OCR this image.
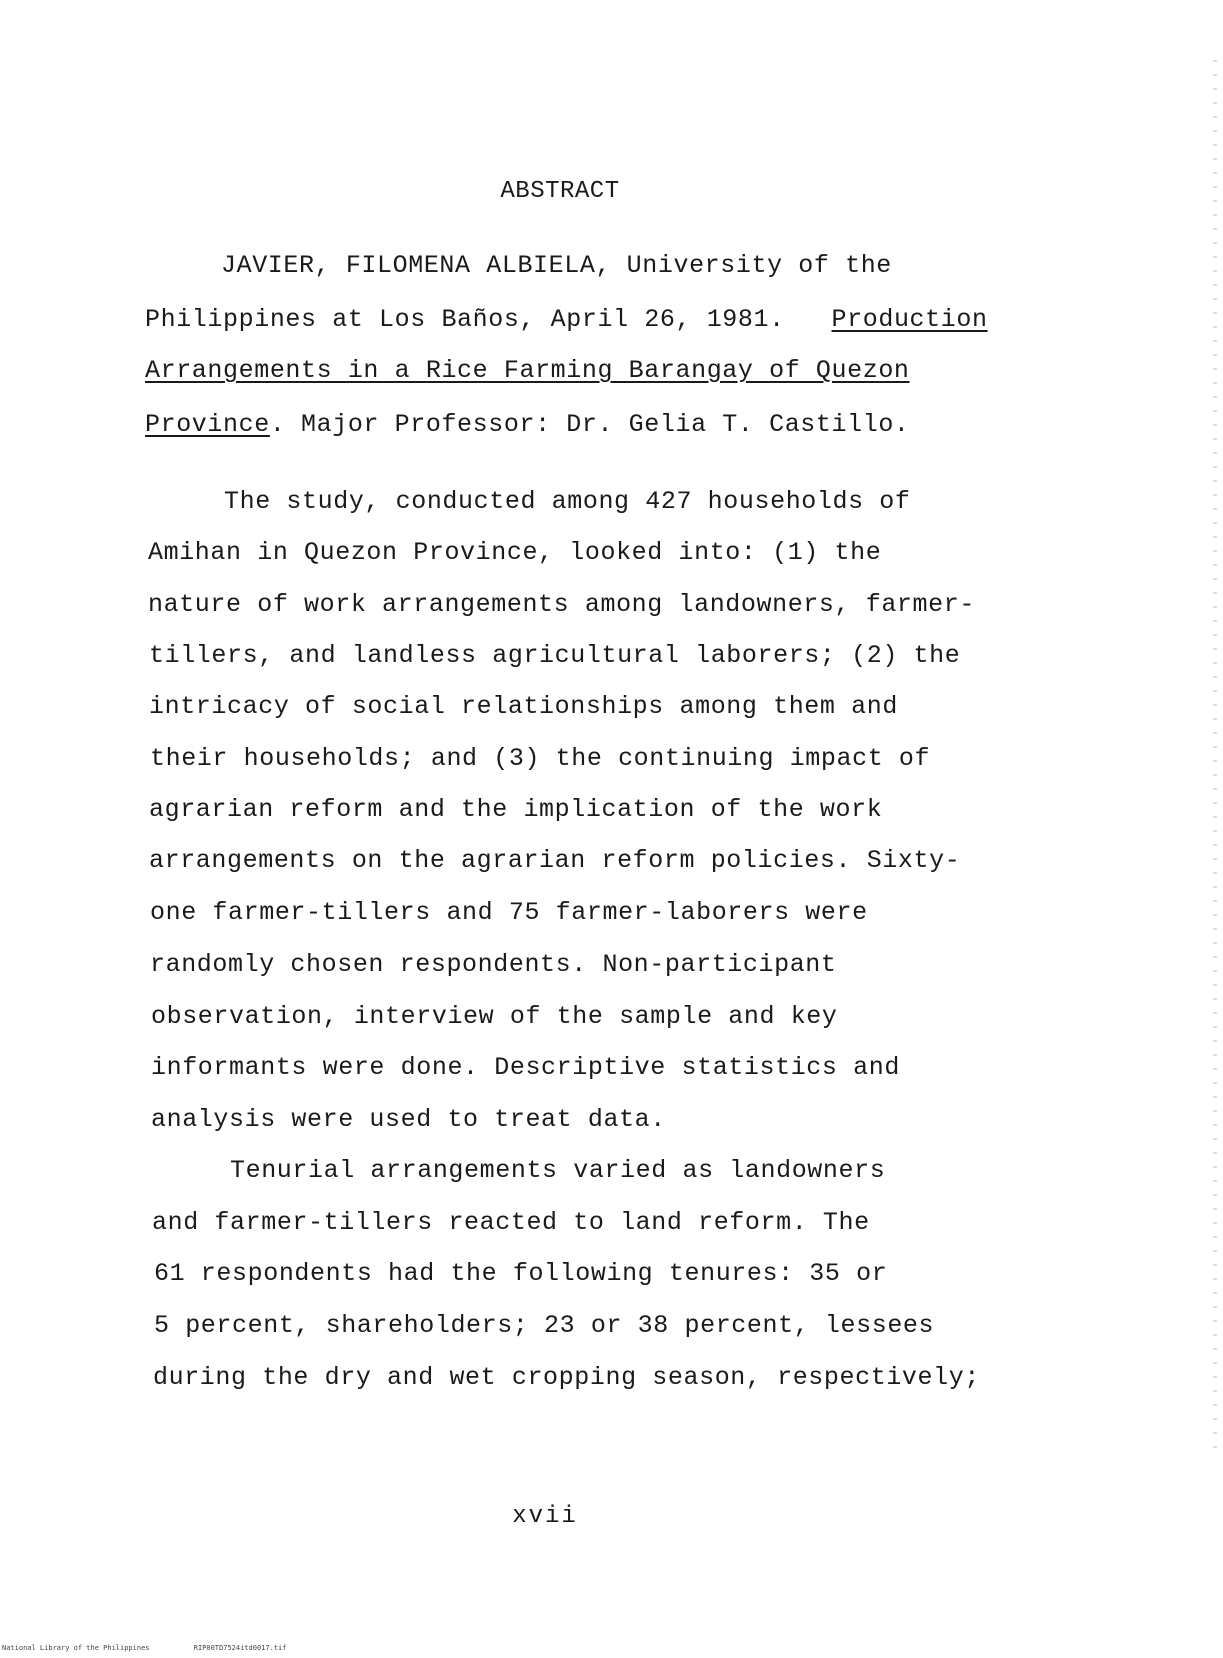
ABSTRACT
JAVIER, FILOMENA ALBIELA, University of the
Philippines at Los Baños, April 26, 1981. Production
Arrangements in a Rice Farming Barangay of Quezon
Province. Major Professor: Dr. Gelia T. Castillo.
The study, conducted among 427 households of
Amihan in Quezon Province, looked into: (1) the
nature of work arrangements among landowners, farmer-
tillers, and landless agricultural laborers; (2) the
intricacy of social relationships among them and
their households; and (3) the continuing impact of
agrarian reform and the implication of the work
arrangements on the agrarian reform policies. Sixty-
one farmer-tillers and 75 farmer-laborers were
randomly chosen respondents. Non-participant
observation, interview of the sample and key
informants were done. Descriptive statistics and
analysis were used to treat data.
Tenurial arrangements varied as landowners
and farmer-tillers reacted to land reform. The
61 respondents had the following tenures: 35 or
5 percent, shareholders; 23 or 38 percent, lessees
during the dry and wet cropping season, respectively;
xvii
National Library of the Philippines	RIP00TD7524itd0017.tif
